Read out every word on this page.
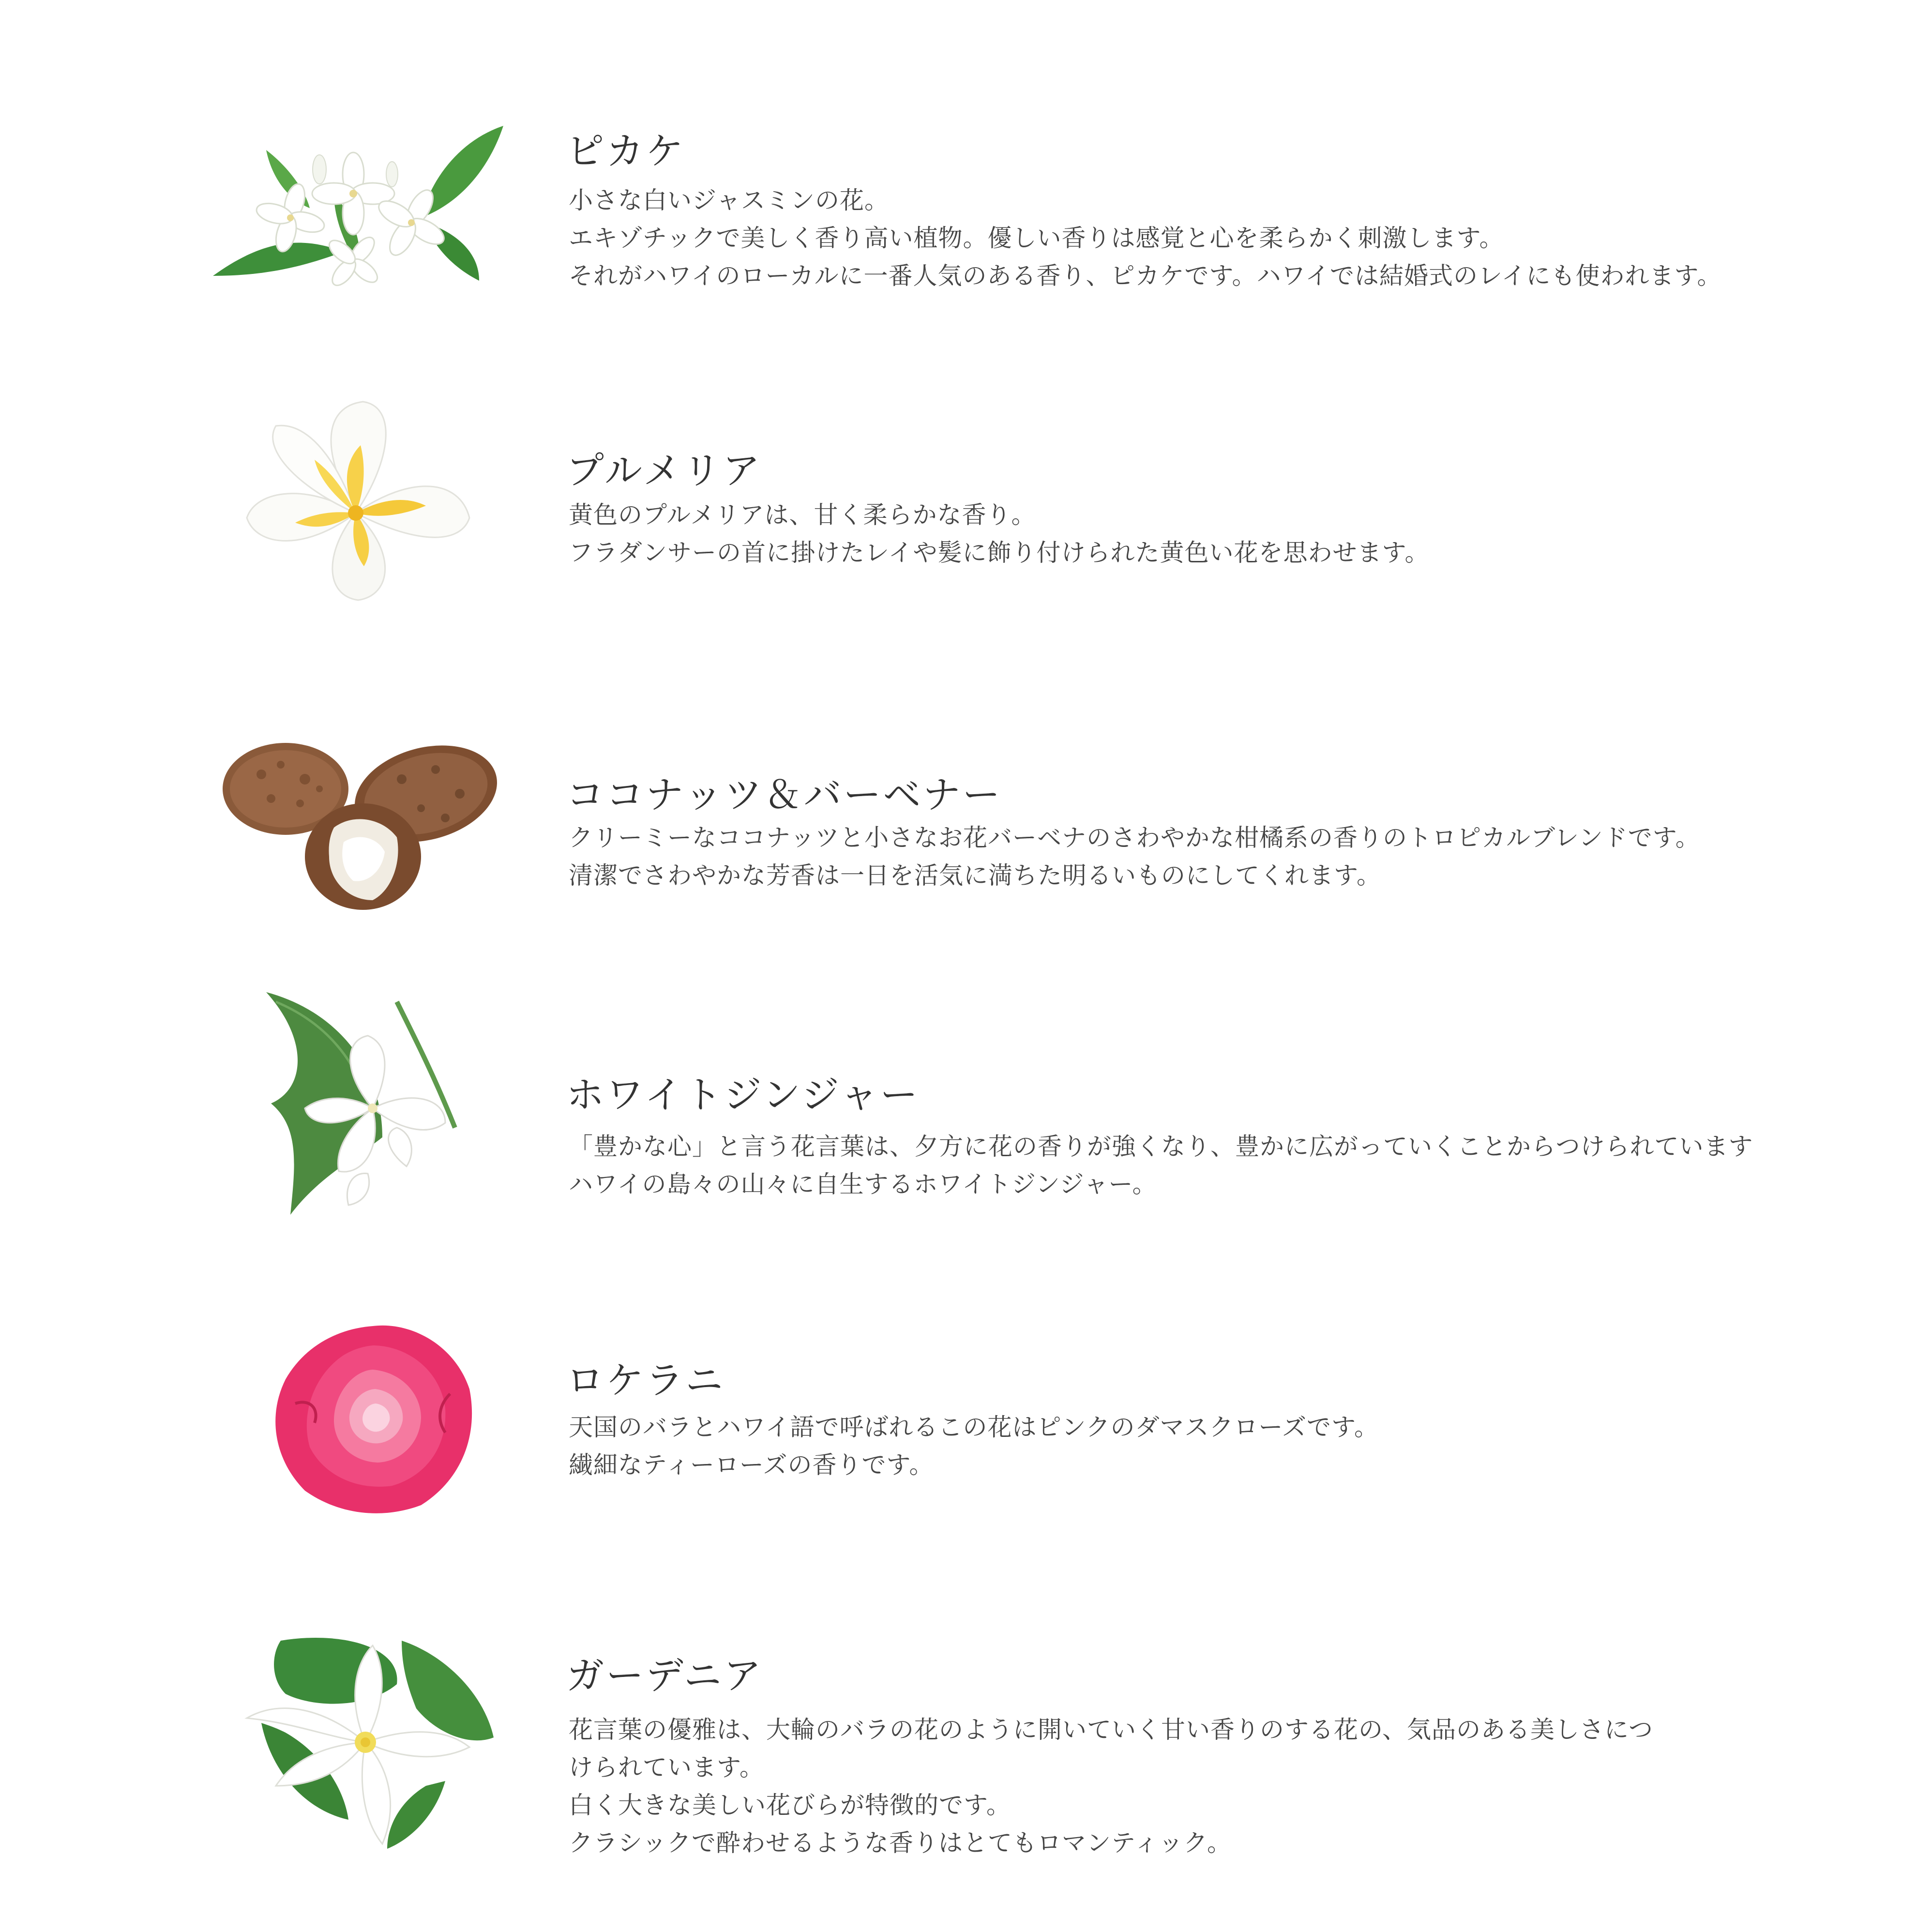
ピカケ
小さな白いジャスミンの花。
エキゾチックで美しく香り高い植物。優しい香りは感覚と心を柔らかく刺激します。
それがハワイのローカルに一番人気のある香り、ピカケです。ハワイでは結婚式のレイにも使われます。
プルメリア
黄色のプルメリアは、甘く柔らかな香り。
フラダンサーの首に掛けたレイや髪に飾り付けられた黄色い花を思わせます。
ココナッツ＆バーベナー
クリーミーなココナッツと小さなお花バーベナのさわやかな柑橘系の香りのトロピカルブレンドです。
清潔でさわやかな芳香は一日を活気に満ちた明るいものにしてくれます。
ホワイトジンジャー
「豊かな心」と言う花言葉は、夕方に花の香りが強くなり、豊かに広がっていくことからつけられています
ハワイの島々の山々に自生するホワイトジンジャー。
ロケラニ
天国のバラとハワイ語で呼ばれるこの花はピンクのダマスクローズです。
繊細なティーローズの香りです。
ガーデニア
花言葉の優雅は、大輪のバラの花のように開いていく甘い香りのする花の、気品のある美しさにつ
けられています。
白く大きな美しい花びらが特徴的です。
クラシックで酔わせるような香りはとてもロマンティック。
